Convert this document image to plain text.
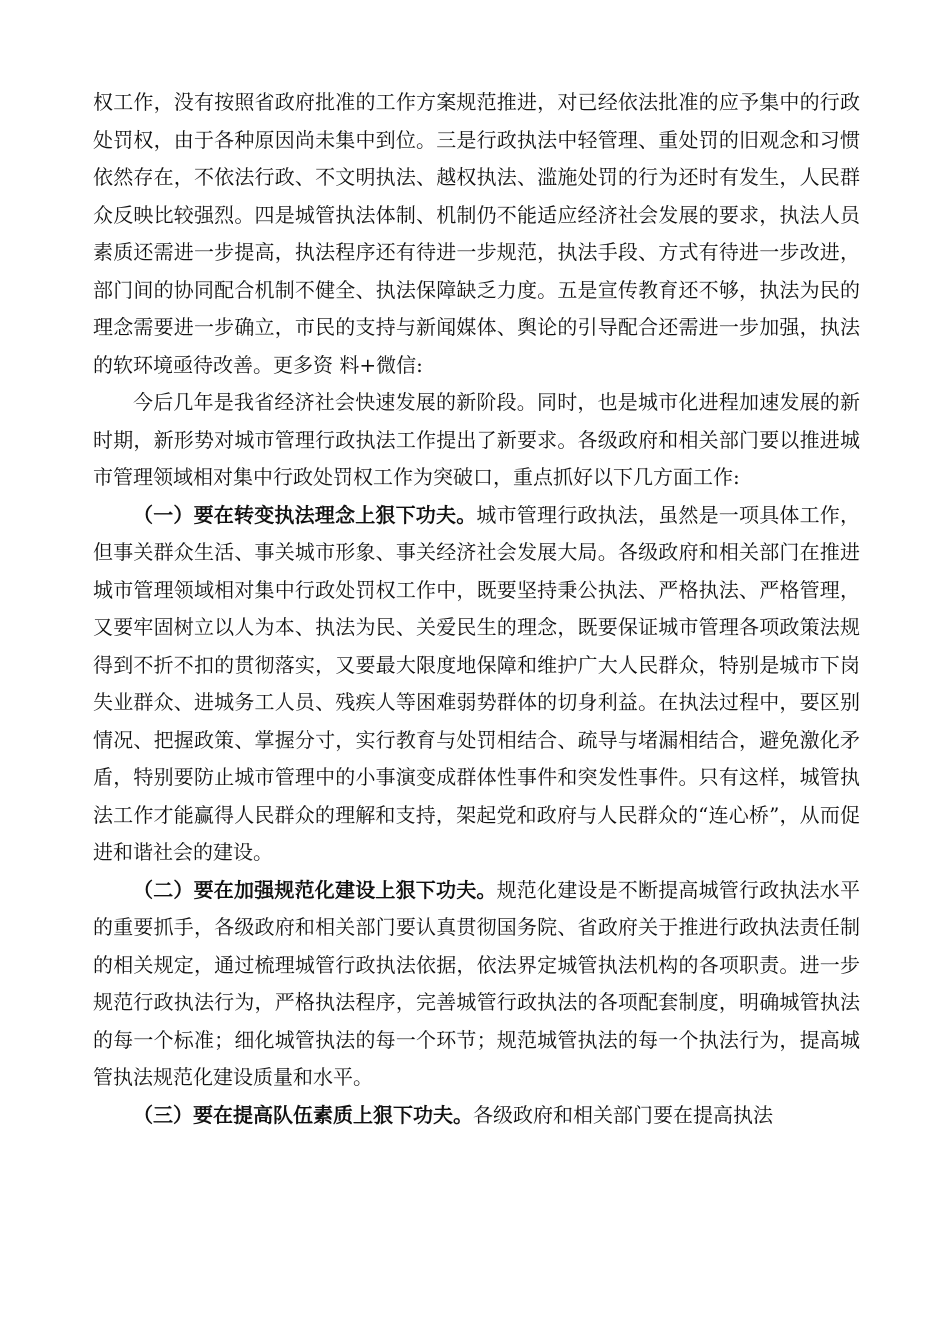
权工作，没有按照省政府批准的工作方案规范推进，对已经依法批准的应予集中的行政处罚权，由于各种原因尚未集中到位。三是行政执法中轻管理、重处罚的旧观念和习惯依然存在，不依法行政、不文明执法、越权执法、滥施处罚的行为还时有发生，人民群众反映比较强烈。四是城管执法体制、机制仍不能适应经济社会发展的要求，执法人员素质还需进一步提高，执法程序还有待进一步规范，执法手段、方式有待进一步改进，部门间的协同配合机制不健全、执法保障缺乏力度。五是宣传教育还不够，执法为民的理念需要进一步确立，市民的支持与新闻媒体、舆论的引导配合还需进一步加强，执法的软环境亟待改善。更多资 料+微信:

今后几年是我省经济社会快速发展的新阶段。同时，也是城市化进程加速发展的新时期，新形势对城市管理行政执法工作提出了新要求。各级政府和相关部门要以推进城市管理领域相对集中行政处罚权工作为突破口，重点抓好以下几方面工作:

（一）要在转变执法理念上狠下功夫。城市管理行政执法，虽然是一项具体工作，但事关群众生活、事关城市形象、事关经济社会发展大局。各级政府和相关部门在推进城市管理领域相对集中行政处罚权工作中，既要坚持秉公执法、严格执法、严格管理，又要牢固树立以人为本、执法为民、关爱民生的理念，既要保证城市管理各项政策法规得到不折不扣的贯彻落实，又要最大限度地保障和维护广大人民群众，特别是城市下岗失业群众、进城务工人员、残疾人等困难弱势群体的切身利益。在执法过程中，要区别情况、把握政策、掌握分寸，实行教育与处罚相结合、疏导与堵漏相结合，避免激化矛盾，特别要防止城市管理中的小事演变成群体性事件和突发性事件。只有这样，城管执法工作才能赢得人民群众的理解和支持，架起党和政府与人民群众的“连心桥”，从而促进和谐社会的建设。

（二）要在加强规范化建设上狠下功夫。规范化建设是不断提高城管行政执法水平的重要抓手，各级政府和相关部门要认真贯彻国务院、省政府关于推进行政执法责任制的相关规定，通过梳理城管行政执法依据，依法界定城管执法机构的各项职责。进一步规范行政执法行为，严格执法程序，完善城管行政执法的各项配套制度，明确城管执法的每一个标准；细化城管执法的每一个环节；规范城管执法的每一个执法行为，提高城管执法规范化建设质量和水平。

（三）要在提高队伍素质上狠下功夫。各级政府和相关部门要在提高执法
